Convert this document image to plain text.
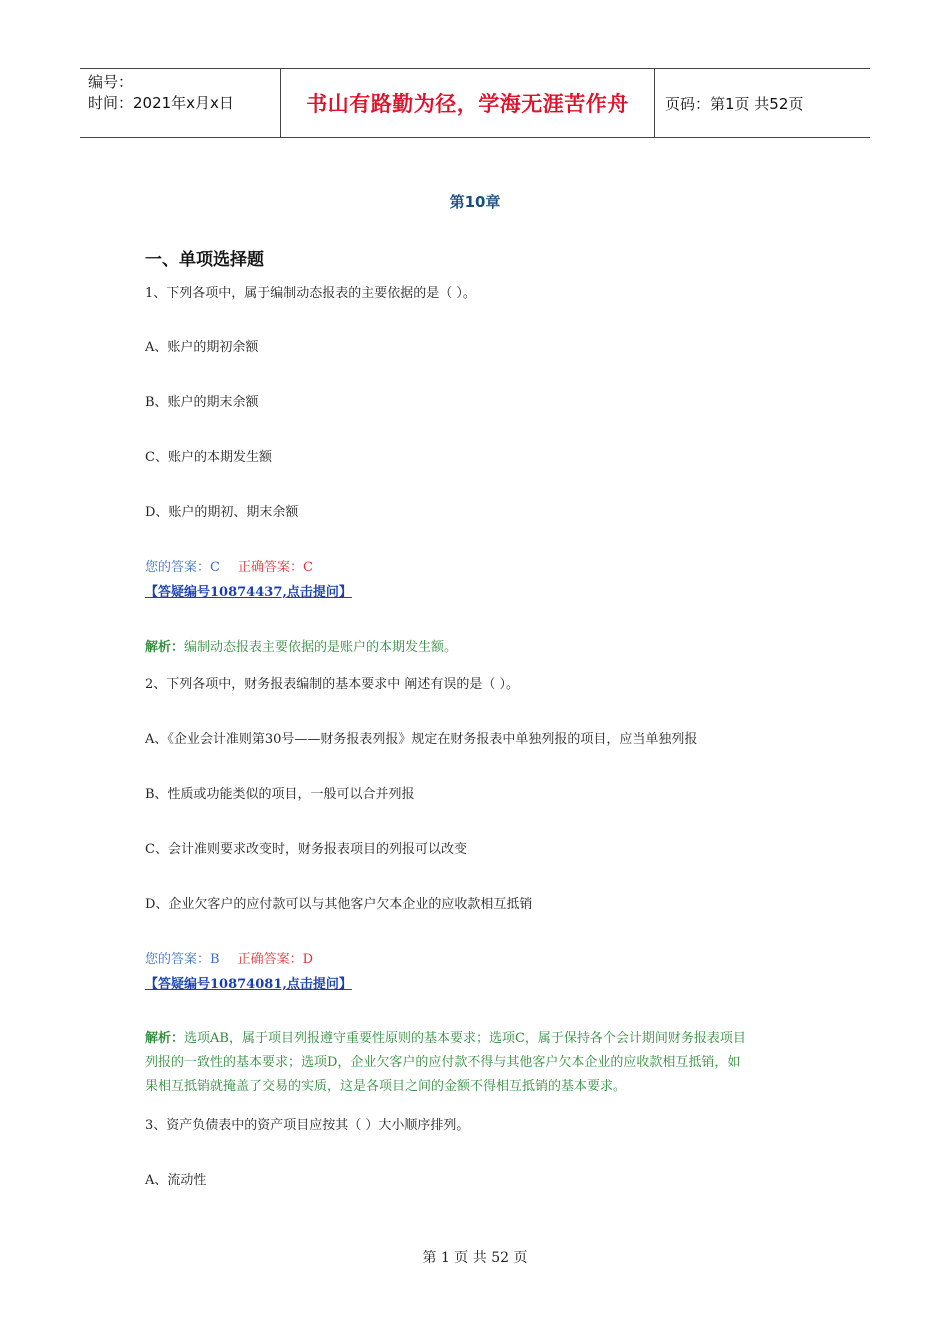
编号：
时间：2021年x月x日	书山有路勤为径，学海无涯苦作舟	页码：第1页 共52页
第10章
一、单项选择题
1、下列各项中，属于编制动态报表的主要依据的是（ ）。
A、账户的期初余额
B、账户的期末余额
C、账户的本期发生额
D、账户的期初、期末余额
您的答案：C 正确答案：C
【答疑编号10874437,点击提问】
解析：编制动态报表主要依据的是账户的本期发生额。
2、下列各项中，财务报表编制的基本要求中 阐述有误的是（ ）。
A、《企业会计准则第30号——财务报表列报》规定在财务报表中单独列报的项目，应当单独列报
B、性质或功能类似的项目，一般可以合并列报
C、会计准则要求改变时，财务报表项目的列报可以改变
D、企业欠客户的应付款可以与其他客户欠本企业的应收款相互抵销
您的答案：B 正确答案：D
【答疑编号10874081,点击提问】
解析：选项AB，属于项目列报遵守重要性原则的基本要求；选项C，属于保持各个会计期间财务报表项目
列报的一致性的基本要求；选项D，企业欠客户的应付款不得与其他客户欠本企业的应收款相互抵销，如
果相互抵销就掩盖了交易的实质，这是各项目之间的金额不得相互抵销的基本要求。
3、资产负债表中的资产项目应按其（ ）大小顺序排列。
A、流动性
第 1 页 共 52 页
